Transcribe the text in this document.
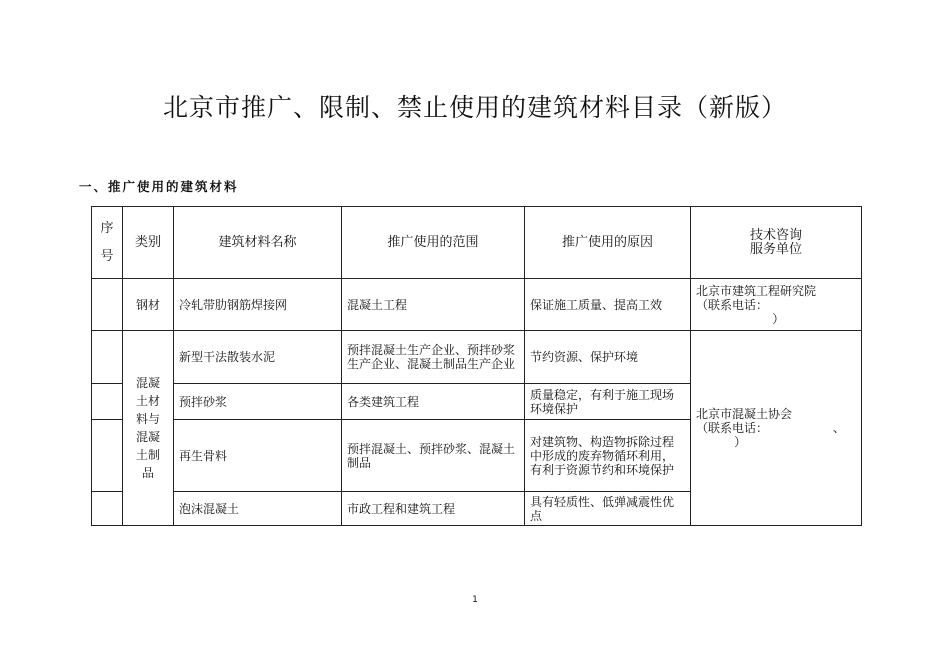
北京市推广、限制、禁止使用的建筑材料目录（新版）
一、推广使用的建筑材料
序

号	类别	建筑材料名称	推广使用的范围	推广使用的原因	技术咨询
服务单位
	钢材	冷轧带肋钢筋焊接网	混凝土工程	保证施工质量、提高工效	北京市建筑工程研究院
（联系电话：
）
	混凝土材料与混凝土制品	新型干法散装水泥	预拌混凝土生产企业、预拌砂浆生产企业、混凝土制品生产企业	节约资源、保护环境	北京市混凝土协会
（联系电话：                 、
）
		预拌砂浆	各类建筑工程	质量稳定，有利于施工现场环境保护	
		再生骨料	预拌混凝土、预拌砂浆、混凝土制品	对建筑物、构造物拆除过程中形成的废弃物循环利用，有利于资源节约和环境保护	
		泡沫混凝土	市政工程和建筑工程	具有轻质性、低弹减震性优点	
1
